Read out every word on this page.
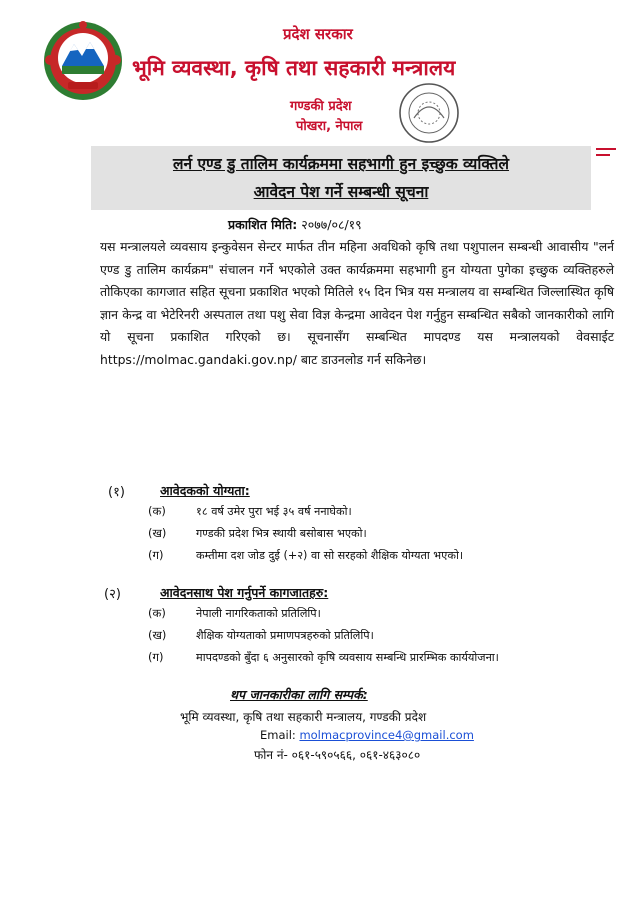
प्रदेश सरकार
भूमि व्यवस्था, कृषि तथा सहकारी मन्त्रालय
गण्डकी प्रदेश
पोखरा, नेपाल
लर्न एण्ड डु तालिम कार्यक्रममा सहभागी हुन इच्छुक व्यक्तिले
आवेदन पेश गर्ने सम्बन्धी सूचना
प्रकाशित मिति: २०७७/०८/१९
यस मन्त्रालयले व्यवसाय इन्कुवेसन सेन्टर मार्फत तीन महिना अवधिको कृषि तथा पशुपालन सम्बन्धी आवासीय "लर्न एण्ड डु तालिम कार्यक्रम" संचालन गर्ने भएकोले उक्त कार्यक्रममा सहभागी हुन योग्यता पुगेका इच्छुक व्यक्तिहरुले तोकिएका कागजात सहित सूचना प्रकाशित भएको मितिले १५ दिन भित्र यस मन्त्रालय वा सम्बन्धित जिल्लास्थित कृषि ज्ञान केन्द्र वा भेटेरिनरी अस्पताल तथा पशु सेवा विज्ञ केन्द्रमा आवेदन पेश गर्नुहुन सम्बन्धित सबैको जानकारीको लागि यो सूचना प्रकाशित गरिएको छ। सूचनासँग सम्बन्धित मापदण्ड यस मन्त्रालयको वेवसाईट https://molmac.gandaki.gov.np/ बाट डाउनलोड गर्न सकिनेछ।
(१)	आवेदकको योग्यता:
(क)	१८ वर्ष उमेर पुरा भई ३५ वर्ष ननाघेको।
(ख)	गण्डकी प्रदेश भित्र स्थायी बसोबास भएको।
(ग)	कम्तीमा दश जोड दुई (+२) वा सो सरहको शैक्षिक योग्यता भएको।
(२)	आवेदनसाथ पेश गर्नुपर्ने कागजातहरु:
(क)	नेपाली नागरिकताको प्रतिलिपि।
(ख)	शैक्षिक योग्यताको प्रमाणपत्रहरुको प्रतिलिपि।
(ग)	मापदण्डको बुँदा ६ अनुसारको कृषि व्यवसाय सम्बन्धि प्रारम्भिक कार्ययोजना।
थप जानकारीका लागि सम्पर्क:
भूमि व्यवस्था, कृषि तथा सहकारी मन्त्रालय, गण्डकी प्रदेश
Email: molmacprovince4@gmail.com
फोन नं- ०६१-५९०५६६, ०६१-४६३०८०
